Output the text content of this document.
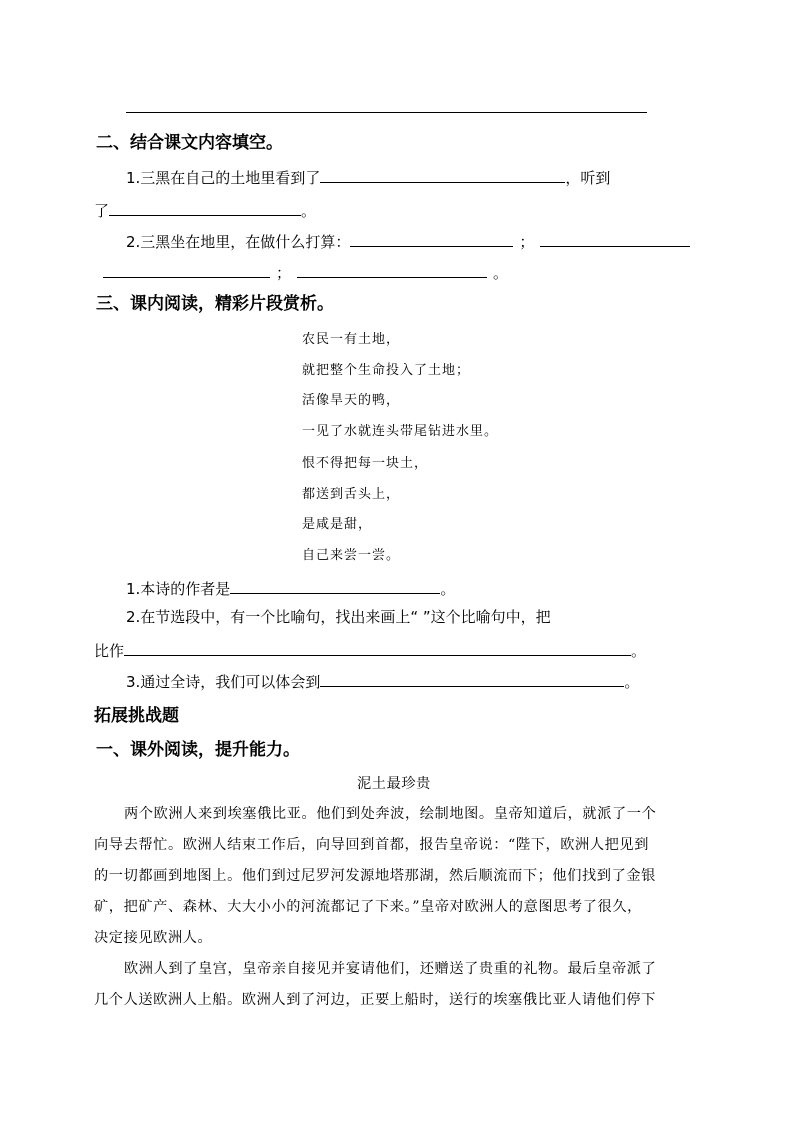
二、结合课文内容填空。
1.三黑在自己的土地里看到了	，听到
了	。
2.三黑坐在地里，在做什么打算：	；
；	。
三、课内阅读，精彩片段赏析。
农民一有土地，
就把整个生命投入了土地；
活像旱天的鸭，
一见了水就连头带尾钻进水里。
恨不得把每一块土，
都送到舌头上，
是咸是甜，
自己来尝一尝。
1.本诗的作者是	。
2.在节选段中，有一个比喻句，找出来画上“ ”这个比喻句中，把
比作	。
3.通过全诗，我们可以体会到	。
拓展挑战题
一、课外阅读，提升能力。
泥土最珍贵
两个欧洲人来到埃塞俄比亚。他们到处奔波，绘制地图。皇帝知道后，就派了一个
向导去帮忙。欧洲人结束工作后，向导回到首都，报告皇帝说：“陛下，欧洲人把见到
的一切都画到地图上。他们到过尼罗河发源地塔那湖，然后顺流而下；他们找到了金银
矿，把矿产、森林、大大小小的河流都记了下来。”皇帝对欧洲人的意图思考了很久，
决定接见欧洲人。
欧洲人到了皇宫，皇帝亲自接见并宴请他们，还赠送了贵重的礼物。最后皇帝派了
几个人送欧洲人上船。欧洲人到了河边，正要上船时，送行的埃塞俄比亚人请他们停下
